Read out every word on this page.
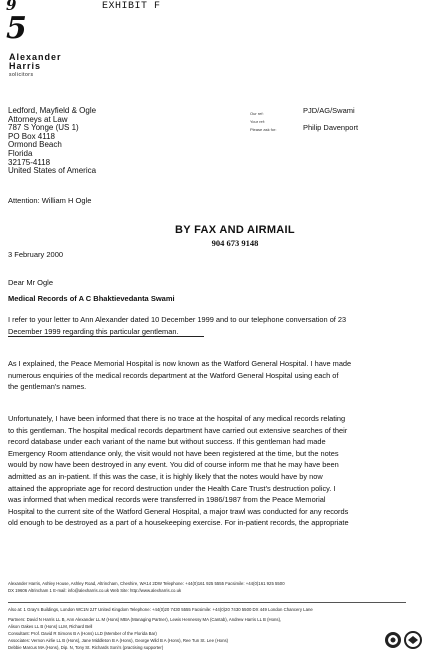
9
5
EXHIBIT F
Alexander
Harris
solicitors
Ledford, Mayfield & Ogle
Attorneys at Law
787 S Yonge (US 1)
PO Box 4118
Ormond Beach
Florida
32175-4118
United States of America
Our ref:
Your ref:
Please ask for:
PJD/AG/Swami
Philip Davenport
Attention: William H Ogle
BY FAX AND AIRMAIL
904 673 9148
3 February 2000
Dear Mr Ogle
Medical Records of A C Bhaktievedanta Swami
I refer to your letter to Ann Alexander dated 10 December 1999 and to our telephone conversation of 23
December 1999 regarding this particular gentleman.
As I explained, the Peace Memorial Hospital is now known as the Watford General Hospital. I have made
numerous enquiries of the medical records department at the Watford General Hospital using each of
the gentleman's names.
Unfortunately, I have been informed that there is no trace at the hospital of any medical records relating
to this gentleman. The hospital medical records department have carried out extensive searches of their
record database under each variant of the name but without success. If this gentleman had made
Emergency Room attendance only, the visit would not have been registered at the time, but the notes
would by now have been destroyed in any event. You did of course inform me that he may have been
admitted as an in-patient. If this was the case, it is highly likely that the notes would have by now
attained the appropriate age for record destruction under the Health Care Trust's destruction policy. I
was informed that when medical records were transferred in 1986/1987 from the Peace Memorial
Hospital to the current site of the Watford General Hospital, a major trawl was conducted for any records
old enough to be destroyed as a part of a housekeeping exercise. For in-patient records, the appropriate
Alexander Harris, Ashley House, Ashley Road, Altrincham, Cheshire, WA14 2DW Telephone: +44(0)161 925 5555 Facsimile: +44(0)161 925 5500
DX 19606 Altrincham 1 E-mail: info@alexharris.co.uk Web Site: http://www.alexharris.co.uk
Also at: 1 Gray's Buildings, London WC1N 2JT United Kingdom Telephone: +44(0)20 7430 5555 Facsimile: +44(0)20 7430 5500 DX 449 London Chancery Lane
Partners: David N Harris LL B, Ann Alexander LL M (Hons) MBA (Managing Partner), Lewis Hennessy MA (Cantab), Andrew Harris LL B (Hons),
Alison Oakes LL B (Hons) LLM, Richard Bell
Consultant: Prof. David R Simons B A (Hons) LLD (Member of the Florida Bar)
Associates: Vernon Airlie LL B (Hons), Jane Middleton B A (Hons), George Wild B A (Hons), Ree Tun St. Lee (Hons)
Debbie Marcus MA (Hons), Dip. N, Tony St. Richards Soni's (practising supporter)
